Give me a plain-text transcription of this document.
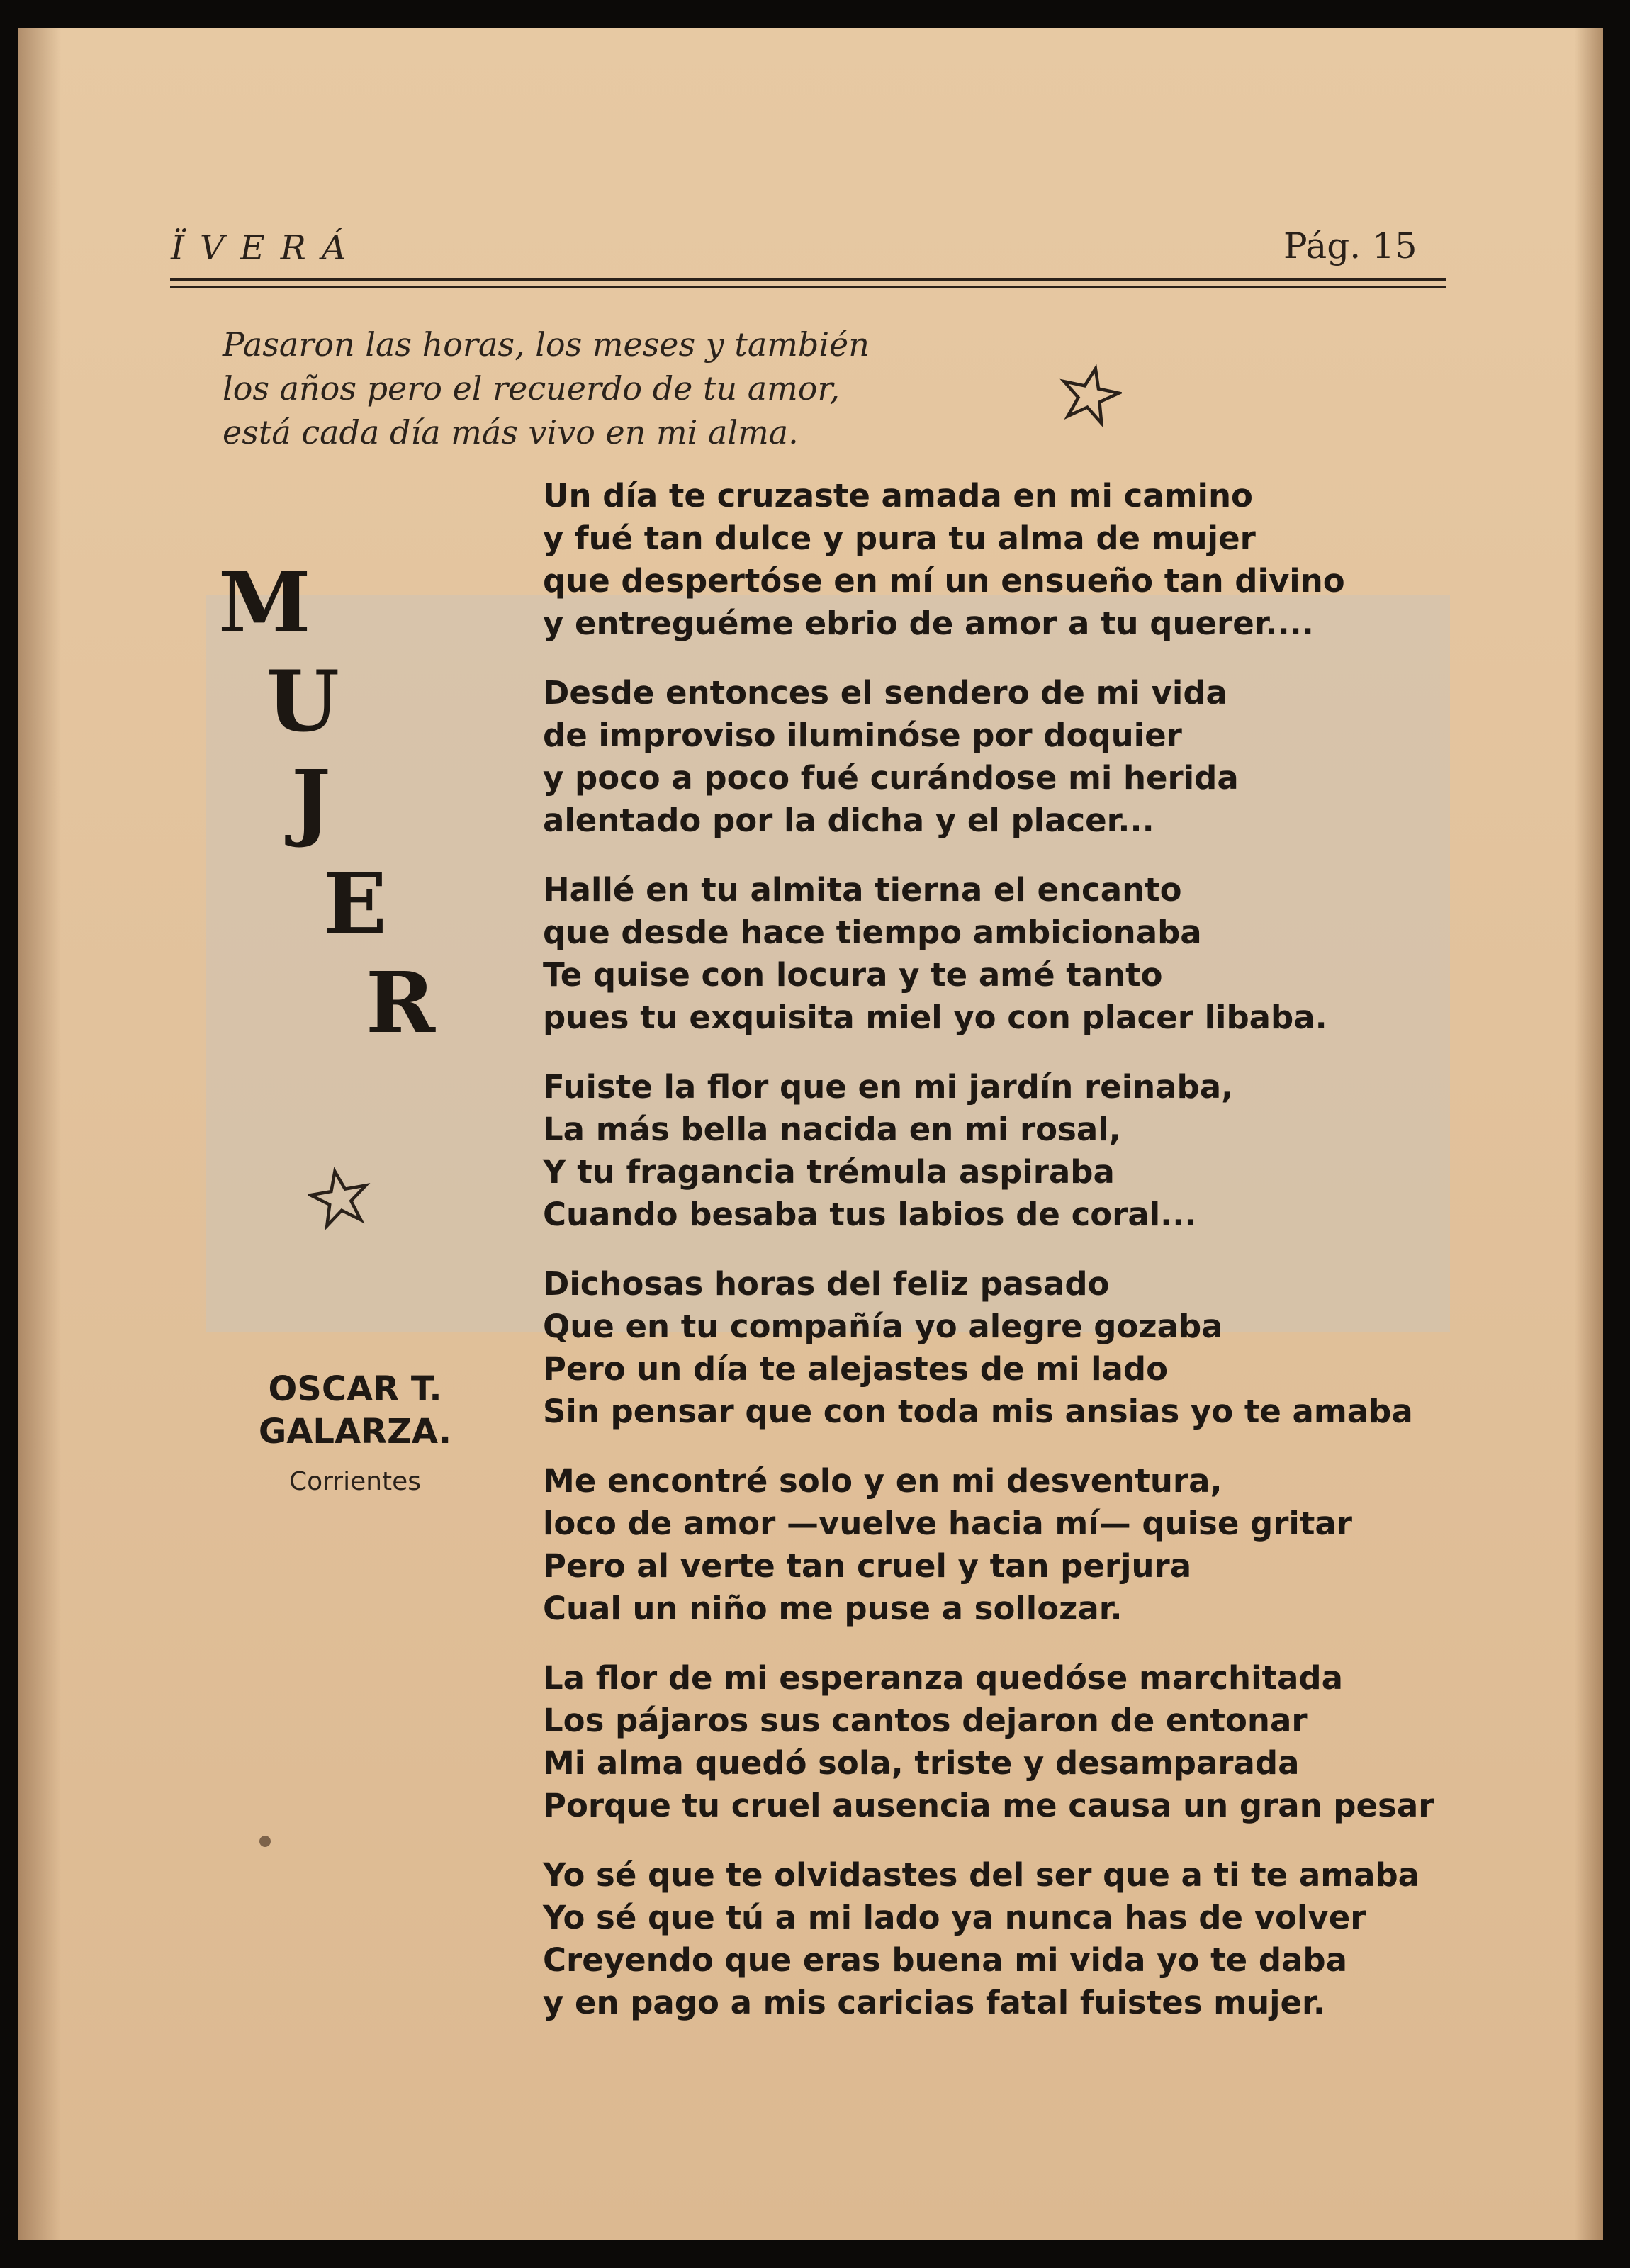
ÏVERÁ	Pág. 15
Pasaron las horas, los meses y también
los años pero el recuerdo de tu amor,
está cada día más vivo en mi alma.
M
U
J
E
R
OSCAR T.
GALARZA.
Corrientes
Un día te cruzaste amada en mi camino
y fué tan dulce y pura tu alma de mujer
que despertóse en mí un ensueño tan divino
y entreguéme ebrio de amor a tu querer....
Desde entonces el sendero de mi vida
de improviso iluminóse por doquier
y poco a poco fué curándose mi herida
alentado por la dicha y el placer...
Hallé en tu almita tierna el encanto
que desde hace tiempo ambicionaba
Te quise con locura y te amé tanto
pues tu exquisita miel yo con placer libaba.
Fuiste la flor que en mi jardín reinaba,
La más bella nacida en mi rosal,
Y tu fragancia trémula aspiraba
Cuando besaba tus labios de coral...
Dichosas horas del feliz pasado
Que en tu compañía yo alegre gozaba
Pero un día te alejastes de mi lado
Sin pensar que con toda mis ansias yo te amaba
Me encontré solo y en mi desventura,
loco de amor —vuelve hacia mí— quise gritar
Pero al verte tan cruel y tan perjura
Cual un niño me puse a sollozar.
La flor de mi esperanza quedóse marchitada
Los pájaros sus cantos dejaron de entonar
Mi alma quedó sola, triste y desamparada
Porque tu cruel ausencia me causa un gran pesar
Yo sé que te olvidastes del ser que a ti te amaba
Yo sé que tú a mi lado ya nunca has de volver
Creyendo que eras buena mi vida yo te daba
y en pago a mis caricias fatal fuistes mujer.
